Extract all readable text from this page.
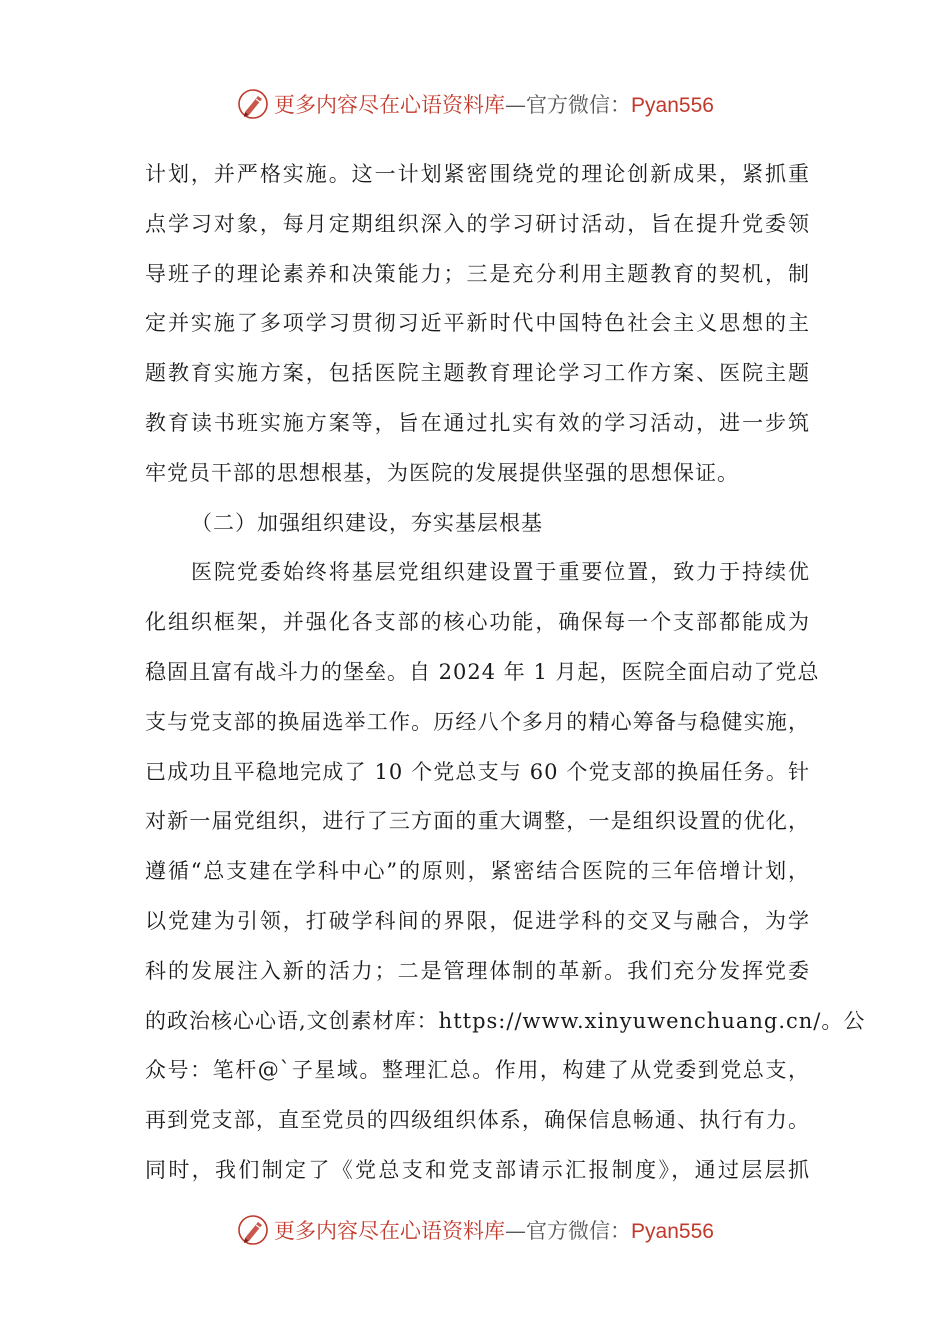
更多内容尽在心语资料库—官方微信：Pyan556
计划，并严格实施。这一计划紧密围绕党的理论创新成果，紧抓重
点学习对象，每月定期组织深入的学习研讨活动，旨在提升党委领
导班子的理论素养和决策能力；三是充分利用主题教育的契机，制
定并实施了多项学习贯彻习近平新时代中国特色社会主义思想的主
题教育实施方案，包括医院主题教育理论学习工作方案、医院主题
教育读书班实施方案等，旨在通过扎实有效的学习活动，进一步筑
牢党员干部的思想根基，为医院的发展提供坚强的思想保证。
（二）加强组织建设，夯实基层根基
医院党委始终将基层党组织建设置于重要位置，致力于持续优
化组织框架，并强化各支部的核心功能，确保每一个支部都能成为
稳固且富有战斗力的堡垒。自 2024 年 1 月起，医院全面启动了党总
支与党支部的换届选举工作。历经八个多月的精心筹备与稳健实施，
已成功且平稳地完成了 10 个党总支与 60 个党支部的换届任务。针
对新一届党组织，进行了三方面的重大调整，一是组织设置的优化，
遵循“总支建在学科中心”的原则，紧密结合医院的三年倍增计划，
以党建为引领，打破学科间的界限，促进学科的交叉与融合，为学
科的发展注入新的活力；二是管理体制的革新。我们充分发挥党委
的政治核心心语,文创素材库：https://www.xinyuwenchuang.cn/。公
众号：笔杆@`子星域。整理汇总。作用，构建了从党委到党总支，
再到党支部，直至党员的四级组织体系，确保信息畅通、执行有力。
同时，我们制定了《党总支和党支部请示汇报制度》，通过层层抓
更多内容尽在心语资料库—官方微信：Pyan556
